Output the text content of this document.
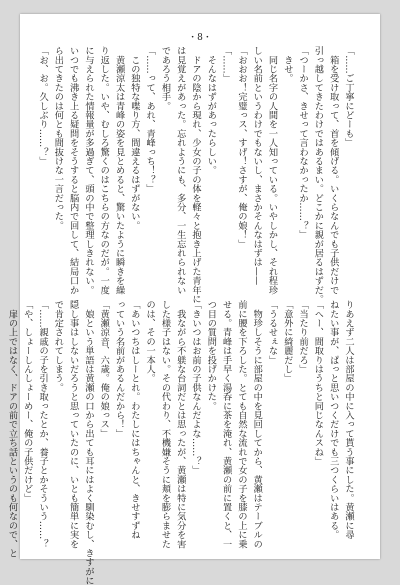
・8・
「……ご丁寧にどーも」
　箱を受け取って、首を傾げる。いくらなんでも子供だけで
引っ越してきたわけではあるまい。どこかに親が居るはずだ。
「つーかさ、きせって言わなかったか……？」
　きせ。
　同じ名字の人間を一人知っている。いやしかし、それ程珍
しい名前というわけでもないし、まさかそんなはずは——
「おおお！完璧っス、すげ！さすが、俺の娘！」
「……」
　そんなはずがあったらしい。
　ドアの陰から現れ、少女の子の体を軽々と抱き上げた青年に
は見覚えがあった。忘れようにも、多分、一生忘れられない
であろう相手。
「……って、あれ、青峰っち！？」
　この独特な喋り方、間違えるはずがない。
　黄瀬涼太は青峰の姿を見とめると、驚いたように瞬きを繰
り返した。いや、むしろ驚くのはこちらの方なのだが。一度
に与えられた情報量が多過ぎて、頭の中で整理しきれない。
いつでも沸き上る疑問をそうすると脳内で回して、結局口か
ら出てきたのは何とも間抜けな一言だった。
「お、お。久しぶり……？」
りあえず二人は部屋の中に入って貰う事にした。黄瀬に尋
ねたい事が、ぱっと思いつくだけでも三つくらいはある。
「へー、間取りはうちと同じなんスね」
「当たり前だろ」
「意外に綺麗だし」
「うるせぇな」
　物珍しそうに部屋の中を見回してから、黄瀬はテーブルの
前に腰を下ろした。とても自然な流れで女の子を膝の上に乗
せる。青峰は手早く湯呑に茶を淹れ、黄瀬の前に置くと、一
つ目の質問を投げかけた。
「きいつはお前の子供なんだよな……？」
　我ながら不躾な台詞だとは思ったが、黄瀬は特に気分を害
した様子はない。その代わり、不機嫌そうに頬を膨らませた
のは、その一本人。
「あいつちはしーとれ。わたしにはちゃんと、きせすずね
っていう名前があるんだから！」
「黄瀬涼音、六歳。俺の娘っス」
　娘という単語は黄瀬の口から出ても耳にはよく馴染むし、きすがに
隠し事はしないだろうと思っていたのに、いとも簡単に実を
で肯定されてしまう。
「……親戚の子を引き取ったとか、養子とかそういう……？
「や、しょーしんしょーめー、俺の子供だけど」
　扉の上ではなく、ドアの前で立ち話というのも何なので、と
